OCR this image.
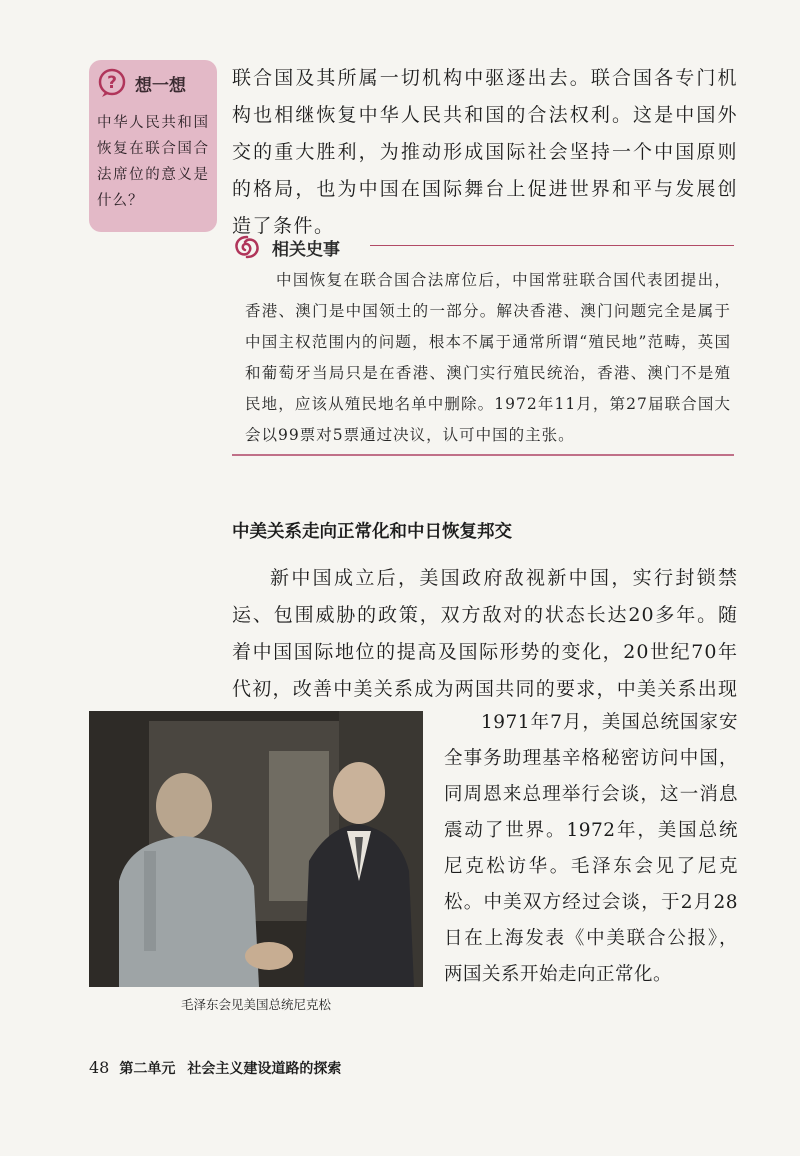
? 想一想
中华人民共和国恢复在联合国合法席位的意义是什么？
联合国及其所属一切机构中驱逐出去。联合国各专门机构也相继恢复中华人民共和国的合法权利。这是中国外交的重大胜利，为推动形成国际社会坚持一个中国原则的格局，也为中国在国际舞台上促进世界和平与发展创造了条件。
相关史事
中国恢复在联合国合法席位后，中国常驻联合国代表团提出，香港、澳门是中国领土的一部分。解决香港、澳门问题完全是属于中国主权范围内的问题，根本不属于通常所谓“殖民地”范畴，英国和葡萄牙当局只是在香港、澳门实行殖民统治，香港、澳门不是殖民地，应该从殖民地名单中删除。1972年11月，第27届联合国大会以99票对5票通过决议，认可中国的主张。
中美关系走向正常化和中日恢复邦交
新中国成立后，美国政府敌视新中国，实行封锁禁运、包围威胁的政策，双方敌对的状态长达20多年。随着中国国际地位的提高及国际形势的变化，20世纪70年代初，改善中美关系成为两国共同的要求，中美关系出现
毛泽东会见美国总统尼克松
1971年7月，美国总统国家安全事务助理基辛格秘密访问中国，同周恩来总理举行会谈，这一消息震动了世界。1972年，美国总统尼克松访华。毛泽东会见了尼克松。中美双方经过会谈，于2月28日在上海发表《中美联合公报》，两国关系开始走向正常化。
48 第二单元 社会主义建设道路的探索
